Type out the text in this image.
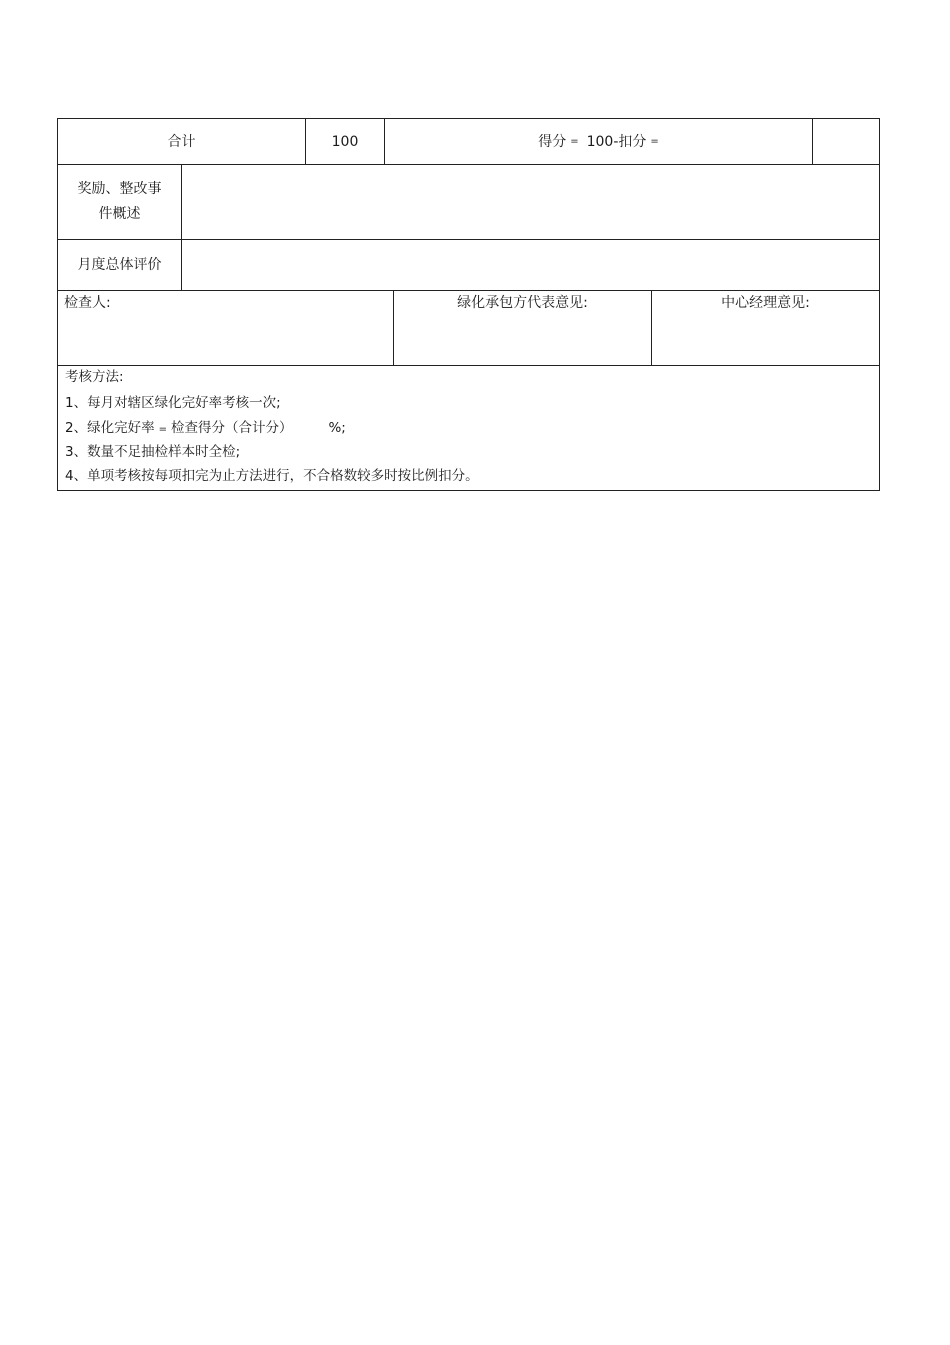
合计	100	得分 = 100-扣分 =
奖励、整改事
件概述
月度总体评价
检查人:	绿化承包方代表意见:	中心经理意见:
考核方法:
1、每月对辖区绿化完好率考核一次;
2、绿化完好率 = 检查得分（合计分）	%;
3、数量不足抽检样本时全检;
4、单项考核按每项扣完为止方法进行，不合格数较多时按比例扣分。
